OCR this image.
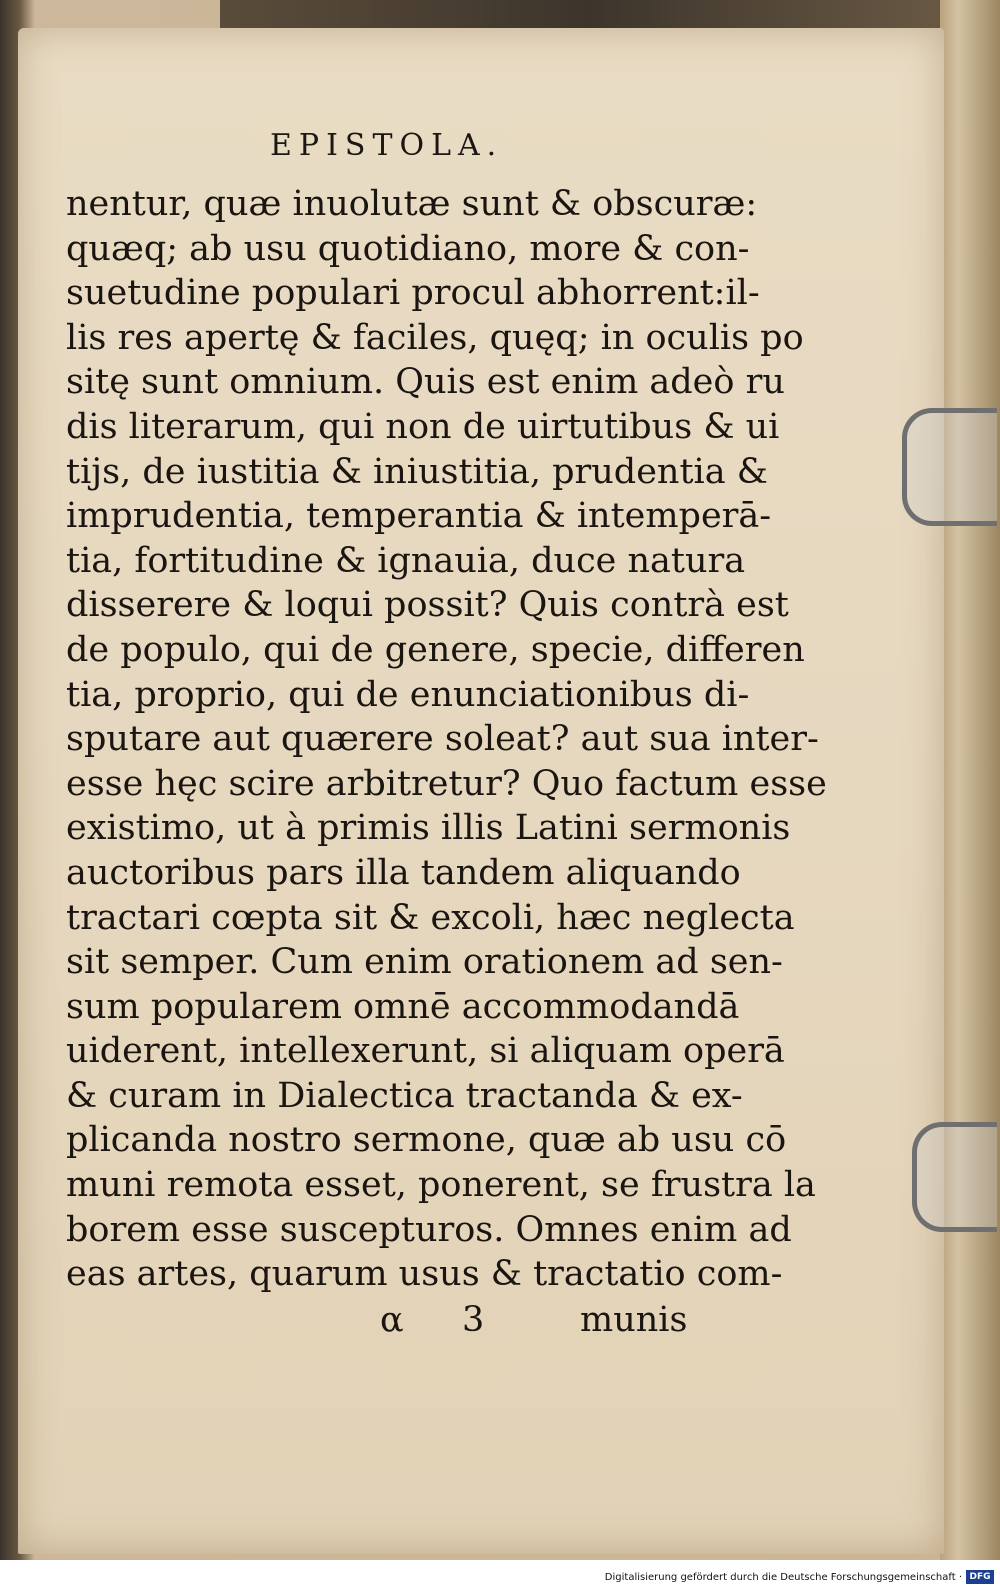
EPISTOLA.
nentur, quæ inuolutæ sunt & obscuræ:
quæq; ab usu quotidiano, more & con-
suetudine populari procul abhorrent:il-
lis res apertę & faciles, quęq; in oculis po
sitę sunt omnium. Quis est enim adeò ru
dis literarum, qui non de uirtutibus & ui
tijs, de iustitia & iniustitia, prudentia &
imprudentia, temperantia & intemperā-
tia, fortitudine & ignauia, duce natura
disserere & loqui possit? Quis contrà est
de populo, qui de genere, specie, differen
tia, proprio, qui de enunciationibus di-
sputare aut quærere soleat? aut sua inter-
esse hęc scire arbitretur? Quo factum esse
existimo, ut à primis illis Latini sermonis
auctoribus pars illa tandem aliquando
tractari cœpta sit & excoli, hæc neglecta
sit semper. Cum enim orationem ad sen-
sum popularem omnē accommodandā
uiderent, intellexerunt, si aliquam operā
& curam in Dialectica tractanda & ex-
plicanda nostro sermone, quæ ab usu cō
muni remota esset, ponerent, se frustra la
borem esse suscepturos. Omnes enim ad
eas artes, quarum usus & tractatio com-
α 3	munis
Digitalisierung gefördert durch die Deutsche Forschungsgemeinschaft · DFG
